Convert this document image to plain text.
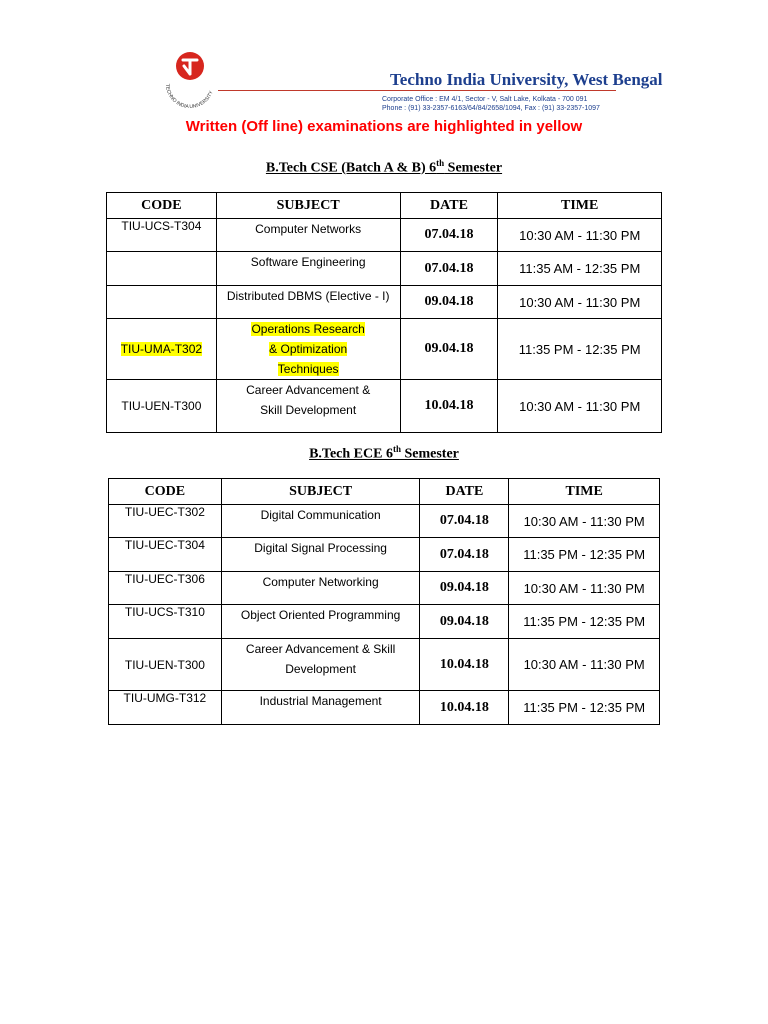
TECHNO INDIA UNIVERSITY
Techno India University, West Bengal
Corporate Office : EM 4/1, Sector - V, Salt Lake, Kolkata - 700 091
Phone : (91) 33-2357-6163/64/84/2658/1094, Fax : (91) 33-2357-1097
Written (Off line) examinations are highlighted in yellow
B.Tech CSE (Batch A & B) 6th Semester
CODE	SUBJECT	DATE	TIME
TIU-UCS-T304	Computer Networks	07.04.18	10:30 AM - 11:30 PM
	Software Engineering	07.04.18	11:35 AM - 12:35 PM
	Distributed DBMS (Elective - I)	09.04.18	10:30 AM - 11:30 PM
TIU-UMA-T302	Operations Research & Optimization Techniques	09.04.18	11:35 PM - 12:35 PM
TIU-UEN-T300	Career Advancement & Skill Development	10.04.18	10:30 AM - 11:30 PM
B.Tech ECE 6th Semester
CODE	SUBJECT	DATE	TIME
TIU-UEC-T302	Digital Communication	07.04.18	10:30 AM - 11:30 PM
TIU-UEC-T304	Digital Signal Processing	07.04.18	11:35 PM - 12:35 PM
TIU-UEC-T306	Computer Networking	09.04.18	10:30 AM - 11:30 PM
TIU-UCS-T310	Object Oriented Programming	09.04.18	11:35 PM - 12:35 PM
TIU-UEN-T300	Career Advancement & Skill Development	10.04.18	10:30 AM - 11:30 PM
TIU-UMG-T312	Industrial Management	10.04.18	11:35 PM - 12:35 PM
